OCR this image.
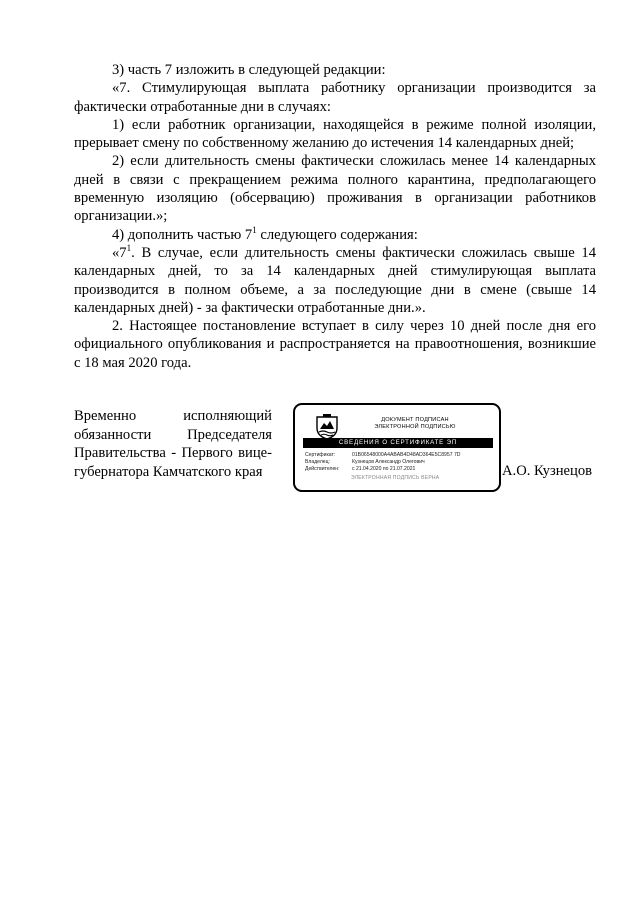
3) часть 7 изложить в следующей редакции:

«7. Стимулирующая выплата работнику организации производится за фактически отработанные дни в случаях:

1) если работник организации, находящейся в режиме полной изоляции, прерывает смену по собственному желанию до истечения 14 календарных дней;

2) если длительность смены фактически сложилась менее 14 календарных дней в связи с прекращением режима полного карантина, предполагающего временную изоляцию (обсервацию) проживания в организации работников организации.»;

4) дополнить частью $7^1$ следующего содержания:

«$7^1$. В случае, если длительность смены фактически сложилась свыше 14 календарных дней, то за 14 календарных дней стимулирующая выплата производится в полном объеме, а за последующие дни в смене (свыше 14 календарных дней) - за фактически отработанные дни.».

2. Настоящее постановление вступает в силу через 10 дней после дня его официального опубликования и распространяется на правоотношения, возникшие с 18 мая 2020 года.

Временно исполняющий обязанности Председателя Правительства - Первого вице-губернатора Камчатского края

ДОКУМЕНТ ПОДПИСАН
ЭЛЕКТРОННОЙ ПОДПИСЬЮ
СВЕДЕНИЯ О СЕРТИФИКАТЕ ЭП
Сертификат:	01B06548000A4ABAB4D48AD364E5C8957 7D
Владелец:	Кузнецов Александр Олегович
Действителен: с 21.04.2020 по 21.07.2021
ЭЛЕКТРОННАЯ ПОДПИСЬ ВЕРНА	А.О. Кузнецов
